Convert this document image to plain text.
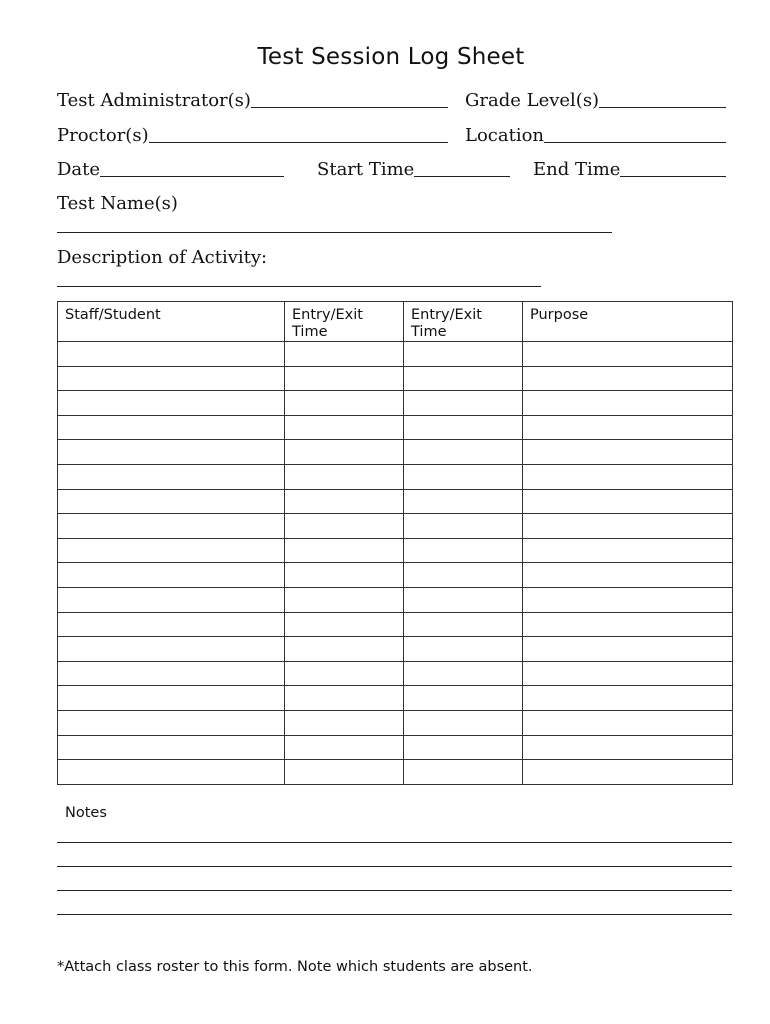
Test Session Log Sheet
Test Administrator(s)	Grade Level(s)
Proctor(s)	Location
Date	Start Time	End Time
Test Name(s)
Description of Activity:
Staff/Student	Entry/Exit Time	Entry/Exit Time	Purpose

Notes
*Attach class roster to this form. Note which students are absent.
